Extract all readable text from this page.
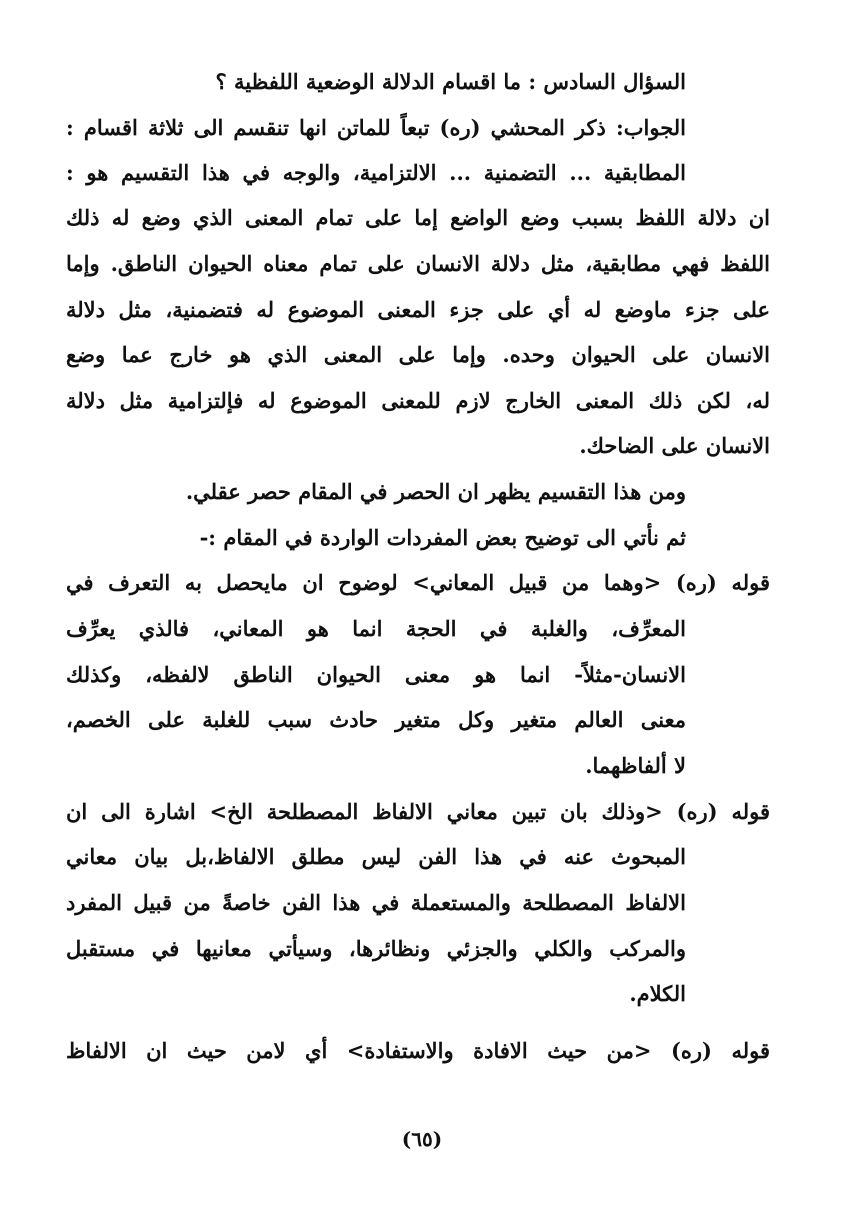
السؤال السادس : ما اقسام الدلالة الوضعية اللفظية ؟
الجواب: ذكر المحشي (ره) تبعاً للماتن انها تنقسم الى ثلاثة اقسام :
المطابقية ... التضمنية ... الالتزامية، والوجه في هذا التقسيم هو :
ان دلالة اللفظ بسبب وضع الواضع إما على تمام المعنى الذي وضع له ذلك
اللفظ فهي مطابقية، مثل دلالة الانسان على تمام معناه الحيوان الناطق. وإما
على جزء ماوضع له أي على جزء المعنى الموضوع له فتضمنية، مثل دلالة
الانسان على الحيوان وحده. وإما على المعنى الذي هو خارج عما وضع
له، لكن ذلك المعنى الخارج لازم للمعنى الموضوع له فإلتزامية مثل دلالة
الانسان على الضاحك.
ومن هذا التقسيم يظهر ان الحصر في المقام حصر عقلي.
ثم نأتي الى توضيح بعض المفردات الواردة في المقام :-
قوله (ره) <وهما من قبيل المعاني> لوضوح ان مايحصل به التعرف في
المعرِّف، والغلبة في الحجة انما هو المعاني، فالذي يعرِّف
الانسان-مثلاً- انما هو معنى الحيوان الناطق لالفظه، وكذلك
معنى العالم متغير وكل متغير حادث سبب للغلبة على الخصم،
لا ألفاظهما.
قوله (ره) <وذلك بان تبين معاني الالفاظ المصطلحة الخ> اشارة الى ان
المبحوث عنه في هذا الفن ليس مطلق الالفاظ،بل بيان معاني
الالفاظ المصطلحة والمستعملة في هذا الفن خاصةً من قبيل المفرد
والمركب والكلي والجزئي ونظائرها، وسيأتي معانيها في مستقبل
الكلام.
قوله (ره) <من حيث الافادة والاستفادة> أي لامن حيث ان الالفاظ
(٦٥)
